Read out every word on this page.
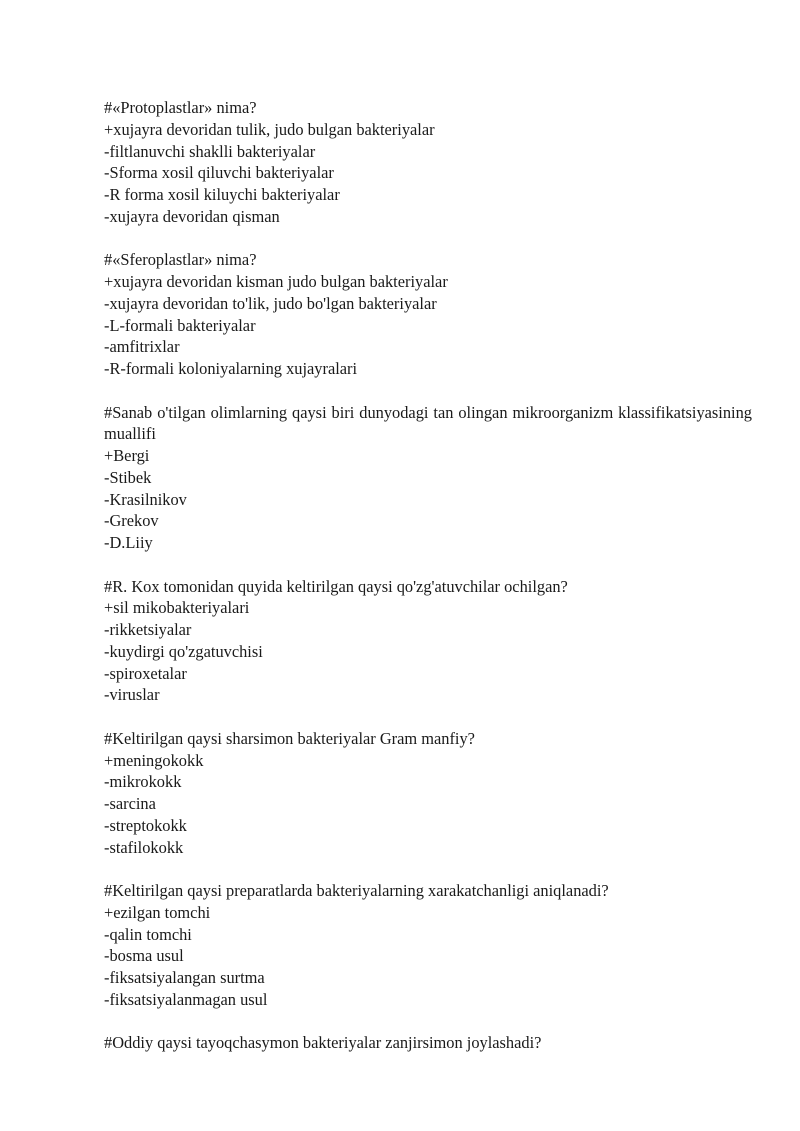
#«Protoplastlar» nima?
+xujayra devoridan tulik, judo bulgan bakteriyalar
-filtlanuvchi shaklli bakteriyalar
-Sforma xosil qiluvchi bakteriyalar
-R forma xosil kiluychi bakteriyalar
-xujayra devoridan qisman
#«Sferoplastlar» nima?
+xujayra devoridan kisman judo bulgan bakteriyalar
-xujayra devoridan to'lik, judo bo'lgan bakteriyalar
-L-formali bakteriyalar
-amfitrixlar
-R-formali koloniyalarning xujayralari
#Sanab o'tilgan olimlarning qaysi biri dunyodagi tan olingan mikroorganizm klassifikatsiyasining muallifi
+Bergi
-Stibek
-Krasilnikov
-Grekov
-D.Liiy
#R. Kox tomonidan quyida keltirilgan qaysi qo'zg'atuvchilar ochilgan?
+sil mikobakteriyalari
-rikketsiyalar
-kuydirgi qo'zgatuvchisi
-spiroxetalar
-viruslar
#Keltirilgan qaysi sharsimon bakteriyalar Gram manfiy?
+meningokokk
-mikrokokk
-sarcina
-streptokokk
-stafilokokk
#Keltirilgan qaysi preparatlarda bakteriyalarning xarakatchanligi aniqlanadi?
+ezilgan tomchi
-qalin tomchi
-bosma usul
-fiksatsiyalangan surtma
-fiksatsiyalanmagan usul
#Oddiy qaysi tayoqchasymon bakteriyalar zanjirsimon joylashadi?
